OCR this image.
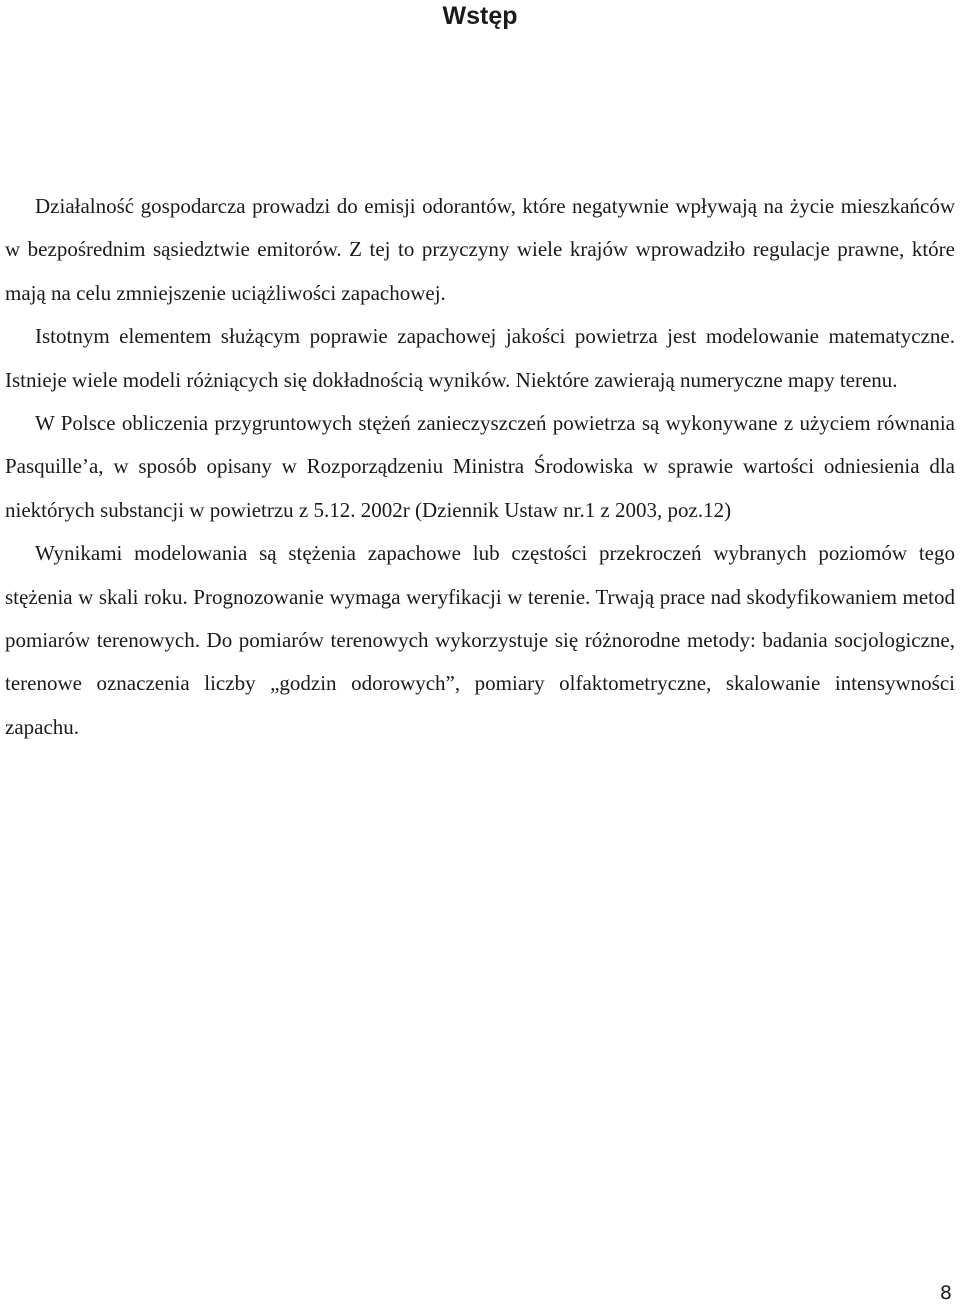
Wstęp

Działalność gospodarcza prowadzi do emisji odorantów, które negatywnie wpływają na życie mieszkańców w bezpośrednim sąsiedztwie emitorów. Z tej to przyczyny wiele krajów wprowadziło regulacje prawne, które mają na celu zmniejszenie uciążliwości zapachowej.

Istotnym elementem służącym poprawie zapachowej jakości powietrza jest modelowanie matematyczne. Istnieje wiele modeli różniących się dokładnością wyników. Niektóre zawierają numeryczne mapy terenu.

W Polsce obliczenia przygruntowych stężeń zanieczyszczeń powietrza są wykonywane z użyciem równania Pasquille’a, w sposób opisany w Rozporządzeniu Ministra Środowiska w sprawie wartości odniesienia dla niektórych substancji w powietrzu z 5.12. 2002r (Dziennik Ustaw nr.1 z 2003, poz.12)

Wynikami modelowania są stężenia zapachowe lub częstości przekroczeń wybranych poziomów tego stężenia w skali roku. Prognozowanie wymaga weryfikacji w terenie. Trwają prace nad skodyfikowaniem metod pomiarów terenowych. Do pomiarów terenowych wykorzystuje się różnorodne metody: badania socjologiczne, terenowe oznaczenia liczby „godzin odorowych”, pomiary olfaktometryczne, skalowanie intensywności zapachu.

8
